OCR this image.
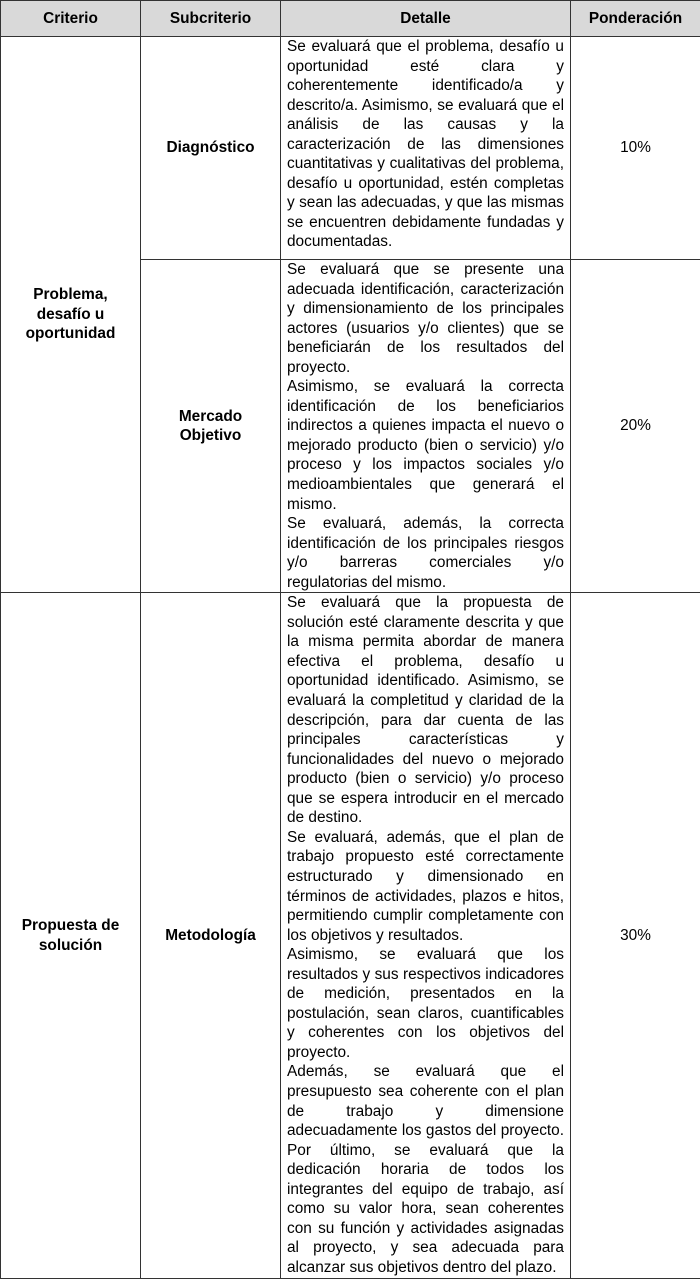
Criterio	Subcriterio	Detalle	Ponderación
Problema, desafío u oportunidad	Diagnóstico	Se evaluará que el problema, desafío u oportunidad esté clara y coherentemente identificado/a y descrito/a. Asimismo, se evaluará que el análisis de las causas y la caracterización de las dimensiones cuantitativas y cualitativas del problema, desafío u oportunidad, estén completas y sean las adecuadas, y que las mismas se encuentren debidamente fundadas y documentadas.	10%
	Mercado Objetivo	Se evaluará que se presente una adecuada identificación, caracterización y dimensionamiento de los principales actores (usuarios y/o clientes) que se beneficiarán de los resultados del proyecto.

Asimismo, se evaluará la correcta identificación de los beneficiarios indirectos a quienes impacta el nuevo o mejorado producto (bien o servicio) y/o proceso y los impactos sociales y/o medioambientales que generará el mismo.

Se evaluará, además, la correcta identificación de los principales riesgos y/o barreras comerciales y/o regulatorias del mismo.	20%
Propuesta de solución	Metodología	Se evaluará que la propuesta de solución esté claramente descrita y que la misma permita abordar de manera efectiva el problema, desafío u oportunidad identificado. Asimismo, se evaluará la completitud y claridad de la descripción, para dar cuenta de las principales características y funcionalidades del nuevo o mejorado producto (bien o servicio) y/o proceso que se espera introducir en el mercado de destino.

Se evaluará, además, que el plan de trabajo propuesto esté correctamente estructurado y dimensionado en términos de actividades, plazos e hitos, permitiendo cumplir completamente con los objetivos y resultados.

Asimismo, se evaluará que los resultados y sus respectivos indicadores de medición, presentados en la postulación, sean claros, cuantificables y coherentes con los objetivos del proyecto.

Además, se evaluará que el presupuesto sea coherente con el plan de trabajo y dimensione adecuadamente los gastos del proyecto. Por último, se evaluará que la dedicación horaria de todos los integrantes del equipo de trabajo, así como su valor hora, sean coherentes con su función y actividades asignadas al proyecto, y sea adecuada para alcanzar sus objetivos dentro del plazo.	30%
